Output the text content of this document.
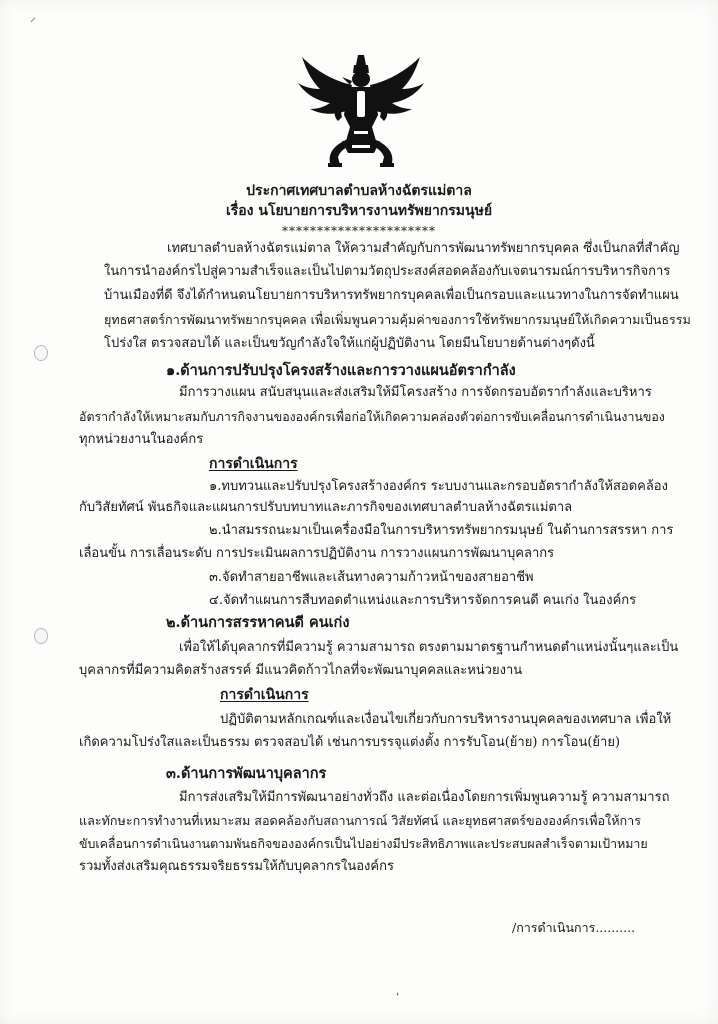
⸝
ประกาศเทศบาลตำบลห้างฉัตรแม่ตาล
เรื่อง นโยบายการบริหารงานทรัพยากรมนุษย์
**********************
เทศบาลตำบลห้างฉัตรแม่ตาล ให้ความสำคัญกับการพัฒนาทรัพยากรบุคคล ซึ่งเป็นกลที่สำคัญ
ในการนำองค์กรไปสู่ความสำเร็จและเป็นไปตามวัตถุประสงค์สอดคล้องกับเจตนารมณ์การบริหารกิจการ
บ้านเมืองที่ดี จึงได้กำหนดนโยบายการบริหารทรัพยากรบุคคลเพื่อเป็นกรอบและแนวทางในการจัดทำแผน
ยุทธศาสตร์การพัฒนาทรัพยากรบุคคล เพื่อเพิ่มพูนความคุ้มค่าของการใช้ทรัพยากรมนุษย์ให้เกิดความเป็นธรรม
โปร่งใส ตรวจสอบได้ และเป็นขวัญกำลังใจให้แก่ผู้ปฏิบัติงาน โดยมีนโยบายด้านต่างๆดังนี้
๑.ด้านการปรับปรุงโครงสร้างและการวางแผนอัตรากำลัง
มีการวางแผน สนับสนุนและส่งเสริมให้มีโครงสร้าง การจัดกรอบอัตรากำลังและบริหาร
อัตรากำลังให้เหมาะสมกับภารกิจงานขององค์กรเพื่อก่อให้เกิดความคล่องตัวต่อการขับเคลื่อนการดำเนินงานของ
ทุกหน่วยงานในองค์กร
การดำเนินการ
๑.ทบทวนและปรับปรุงโครงสร้างองค์กร ระบบงานและกรอบอัตรากำลังให้สอดคล้อง
กับวิสัยทัศน์ พันธกิจและแผนการปรับบทบาทและภารกิจของเทศบาลตำบลห้างฉัตรแม่ตาล
๒.นำสมรรถนะมาเป็นเครื่องมือในการบริหารทรัพยากรมนุษย์ ในด้านการสรรหา การ
เลื่อนขั้น การเลื่อนระดับ การประเมินผลการปฏิบัติงาน การวางแผนการพัฒนาบุคลากร
๓.จัดทำสายอาชีพและเส้นทางความก้าวหน้าของสายอาชีพ
๔.จัดทำแผนการสืบทอดตำแหน่งและการบริหารจัดการคนดี คนเก่ง ในองค์กร
๒.ด้านการสรรหาคนดี คนเก่ง
เพื่อให้ได้บุคลากรที่มีความรู้ ความสามารถ ตรงตามมาตรฐานกำหนดตำแหน่งนั้นๆและเป็น
บุคลากรที่มีความคิดสร้างสรรค์ มีแนวคิดก้าวไกลที่จะพัฒนาบุคคลและหน่วยงาน
การดำเนินการ
ปฏิบัติตามหลักเกณฑ์และเงื่อนไขเกี่ยวกับการบริหารงานบุคคลของเทศบาล เพื่อให้
เกิดความโปร่งใสและเป็นธรรม ตรวจสอบได้ เช่นการบรรจุแต่งตั้ง การรับโอน(ย้าย) การโอน(ย้าย)
๓.ด้านการพัฒนาบุคลากร
มีการส่งเสริมให้มีการพัฒนาอย่างทั่วถึง และต่อเนื่องโดยการเพิ่มพูนความรู้ ความสามารถ
และทักษะการทำงานที่เหมาะสม สอดคล้องกับสถานการณ์ วิสัยทัศน์ และยุทธศาสตร์ขององค์กรเพื่อให้การ
ขับเคลื่อนการดำเนินงานตามพันธกิจขององค์กรเป็นไปอย่างมีประสิทธิภาพและประสบผลสำเร็จตามเป้าหมาย
รวมทั้งส่งเสริมคุณธรรมจริยธรรมให้กับบุคลากรในองค์กร
/การดำเนินการ..........
ˌ
